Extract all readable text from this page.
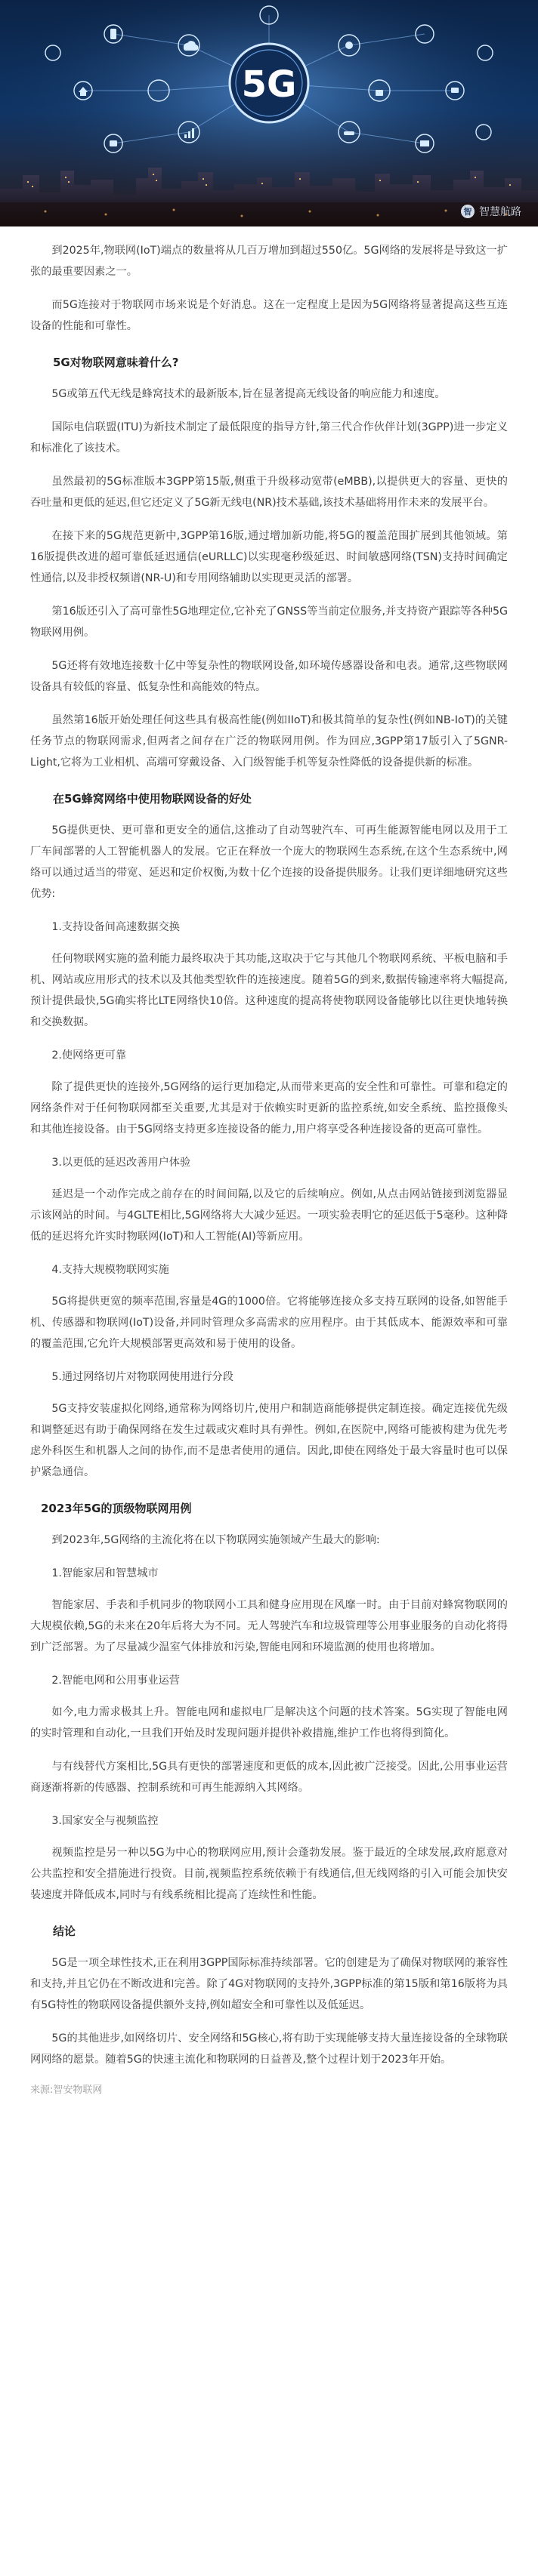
5G
智 智慧航路

到2025年,物联网(IoT)端点的数量将从几百万增加到超过550亿。5G网络的发展将是导致这一扩张的最重要因素之一。

而5G连接对于物联网市场来说是个好消息。这在一定程度上是因为5G网络将显著提高这些互连设备的性能和可靠性。

5G对物联网意味着什么?

5G或第五代无线是蜂窝技术的最新版本,旨在显著提高无线设备的响应能力和速度。

国际电信联盟(ITU)为新技术制定了最低限度的指导方针,第三代合作伙伴计划(3GPP)进一步定义和标准化了该技术。

虽然最初的5G标准版本3GPP第15版,侧重于升级移动宽带(eMBB),以提供更大的容量、更快的吞吐量和更低的延迟,但它还定义了5G新无线电(NR)技术基础,该技术基础将用作未来的发展平台。

在接下来的5G规范更新中,3GPP第16版,通过增加新功能,将5G的覆盖范围扩展到其他领域。第16版提供改进的超可靠低延迟通信(eURLLC)以实现毫秒级延迟、时间敏感网络(TSN)支持时间确定性通信,以及非授权频谱(NR-U)和专用网络辅助以实现更灵活的部署。

第16版还引入了高可靠性5G地理定位,它补充了GNSS等当前定位服务,并支持资产跟踪等各种5G物联网用例。

5G还将有效地连接数十亿中等复杂性的物联网设备,如环境传感器设备和电表。通常,这些物联网设备具有较低的容量、低复杂性和高能效的特点。

虽然第16版开始处理任何这些具有极高性能(例如IIoT)和极其简单的复杂性(例如NB-IoT)的关键任务节点的物联网需求,但两者之间存在广泛的物联网用例。作为回应,3GPP第17版引入了5GNR-Light,它将为工业相机、高端可穿戴设备、入门级智能手机等复杂性降低的设备提供新的标准。

在5G蜂窝网络中使用物联网设备的好处

5G提供更快、更可靠和更安全的通信,这推动了自动驾驶汽车、可再生能源智能电网以及用于工厂车间部署的人工智能机器人的发展。它正在释放一个庞大的物联网生态系统,在这个生态系统中,网络可以通过适当的带宽、延迟和定价权衡,为数十亿个连接的设备提供服务。让我们更详细地研究这些优势:

1.支持设备间高速数据交换

任何物联网实施的盈利能力最终取决于其功能,这取决于它与其他几个物联网系统、平板电脑和手机、网站或应用形式的技术以及其他类型软件的连接速度。随着5G的到来,数据传输速率将大幅提高,预计提供最快,5G确实将比LTE网络快10倍。这种速度的提高将使物联网设备能够比以往更快地转换和交换数据。

2.使网络更可靠

除了提供更快的连接外,5G网络的运行更加稳定,从而带来更高的安全性和可靠性。可靠和稳定的网络条件对于任何物联网都至关重要,尤其是对于依赖实时更新的监控系统,如安全系统、监控摄像头和其他连接设备。由于5G网络支持更多连接设备的能力,用户将享受各种连接设备的更高可靠性。

3.以更低的延迟改善用户体验

延迟是一个动作完成之前存在的时间间隔,以及它的后续响应。例如,从点击网站链接到浏览器显示该网站的时间。与4GLTE相比,5G网络将大大减少延迟。一项实验表明它的延迟低于5毫秒。这种降低的延迟将允许实时物联网(IoT)和人工智能(AI)等新应用。

4.支持大规模物联网实施

5G将提供更宽的频率范围,容量是4G的1000倍。它将能够连接众多支持互联网的设备,如智能手机、传感器和物联网(IoT)设备,并同时管理众多高需求的应用程序。由于其低成本、能源效率和可靠的覆盖范围,它允许大规模部署更高效和易于使用的设备。

5.通过网络切片对物联网使用进行分段

5G支持安装虚拟化网络,通常称为网络切片,使用户和制造商能够提供定制连接。确定连接优先级和调整延迟有助于确保网络在发生过载或灾难时具有弹性。例如,在医院中,网络可能被构建为优先考虑外科医生和机器人之间的协作,而不是患者使用的通信。因此,即使在网络处于最大容量时也可以保护紧急通信。

2023年5G的顶级物联网用例

到2023年,5G网络的主流化将在以下物联网实施领域产生最大的影响:

1.智能家居和智慧城市

智能家居、手表和手机同步的物联网小工具和健身应用现在风靡一时。由于目前对蜂窝物联网的大规模依赖,5G的未来在20年后将大为不同。无人驾驶汽车和垃圾管理等公用事业服务的自动化将得到广泛部署。为了尽量减少温室气体排放和污染,智能电网和环境监测的使用也将增加。

2.智能电网和公用事业运营

如今,电力需求极其上升。智能电网和虚拟电厂是解决这个问题的技术答案。5G实现了智能电网的实时管理和自动化,一旦我们开始及时发现问题并提供补救措施,维护工作也将得到简化。

与有线替代方案相比,5G具有更快的部署速度和更低的成本,因此被广泛接受。因此,公用事业运营商逐渐将新的传感器、控制系统和可再生能源纳入其网络。

3.国家安全与视频监控

视频监控是另一种以5G为中心的物联网应用,预计会蓬勃发展。鉴于最近的全球发展,政府愿意对公共监控和安全措施进行投资。目前,视频监控系统依赖于有线通信,但无线网络的引入可能会加快安装速度并降低成本,同时与有线系统相比提高了连续性和性能。

结论

5G是一项全球性技术,正在利用3GPP国际标准持续部署。它的创建是为了确保对物联网的兼容性和支持,并且它仍在不断改进和完善。除了4G对物联网的支持外,3GPP标准的第15版和第16版将为具有5G特性的物联网设备提供额外支持,例如超安全和可靠性以及低延迟。

5G的其他进步,如网络切片、安全网络和5G核心,将有助于实现能够支持大量连接设备的全球物联网网络的愿景。随着5G的快速主流化和物联网的日益普及,整个过程计划于2023年开始。

来源:智安物联网
